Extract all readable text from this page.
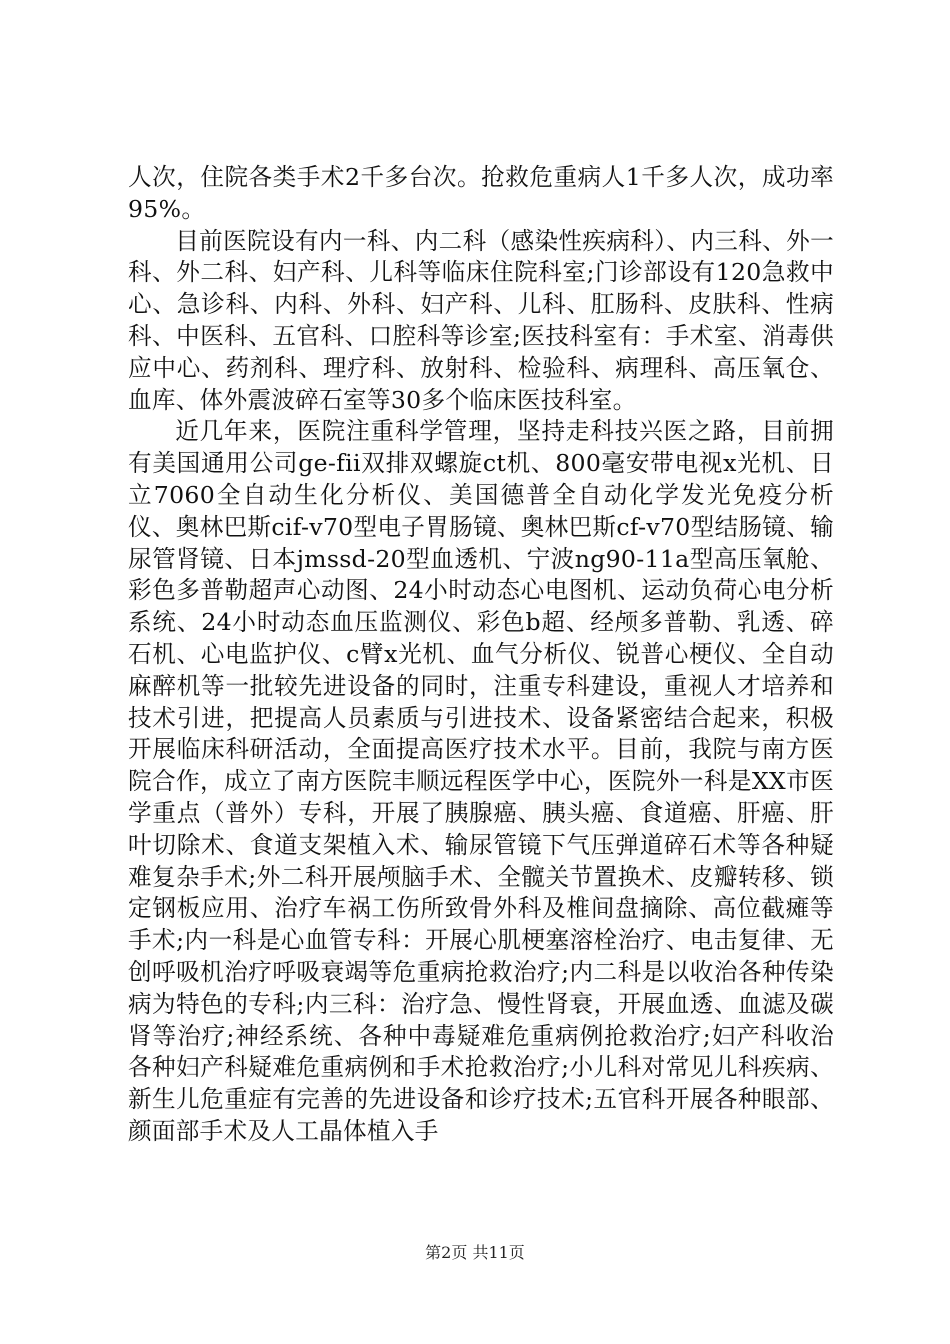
人次，住院各类手术2千多台次。抢救危重病人1千多人次，成功率95%。

目前医院设有内一科、内二科（感染性疾病科）、内三科、外一科、外二科、妇产科、儿科等临床住院科室;门诊部设有120急救中心、急诊科、内科、外科、妇产科、儿科、肛肠科、皮肤科、性病科、中医科、五官科、口腔科等诊室;医技科室有：手术室、消毒供应中心、药剂科、理疗科、放射科、检验科、病理科、高压氧仓、血库、体外震波碎石室等30多个临床医技科室。

近几年来，医院注重科学管理，坚持走科技兴医之路，目前拥有美国通用公司ge-fii双排双螺旋ct机、800毫安带电视x光机、日立7060全自动生化分析仪、美国德普全自动化学发光免疫分析仪、奥林巴斯cif-v70型电子胃肠镜、奥林巴斯cf-v70型结肠镜、输尿管肾镜、日本jmssd-20型血透机、宁波ng90-11a型高压氧舱、彩色多普勒超声心动图、24小时动态心电图机、运动负荷心电分析系统、24小时动态血压监测仪、彩色b超、经颅多普勒、乳透、碎石机、心电监护仪、c臂x光机、血气分析仪、锐普心梗仪、全自动麻醉机等一批较先进设备的同时，注重专科建设，重视人才培养和技术引进，把提高人员素质与引进技术、设备紧密结合起来，积极开展临床科研活动，全面提高医疗技术水平。目前，我院与南方医院合作，成立了南方医院丰顺远程医学中心，医院外一科是XX市医学重点（普外）专科，开展了胰腺癌、胰头癌、食道癌、肝癌、肝叶切除术、食道支架植入术、输尿管镜下气压弹道碎石术等各种疑难复杂手术;外二科开展颅脑手术、全髋关节置换术、皮瓣转移、锁定钢板应用、治疗车祸工伤所致骨外科及椎间盘摘除、高位截瘫等手术;内一科是心血管专科：开展心肌梗塞溶栓治疗、电击复律、无创呼吸机治疗呼吸衰竭等危重病抢救治疗;内二科是以收治各种传染病为特色的专科;内三科：治疗急、慢性肾衰，开展血透、血滤及碳肾等治疗;神经系统、各种中毒疑难危重病例抢救治疗;妇产科收治各种妇产科疑难危重病例和手术抢救治疗;小儿科对常见儿科疾病、新生儿危重症有完善的先进设备和诊疗技术;五官科开展各种眼部、颜面部手术及人工晶体植入手

第2页 共11页
